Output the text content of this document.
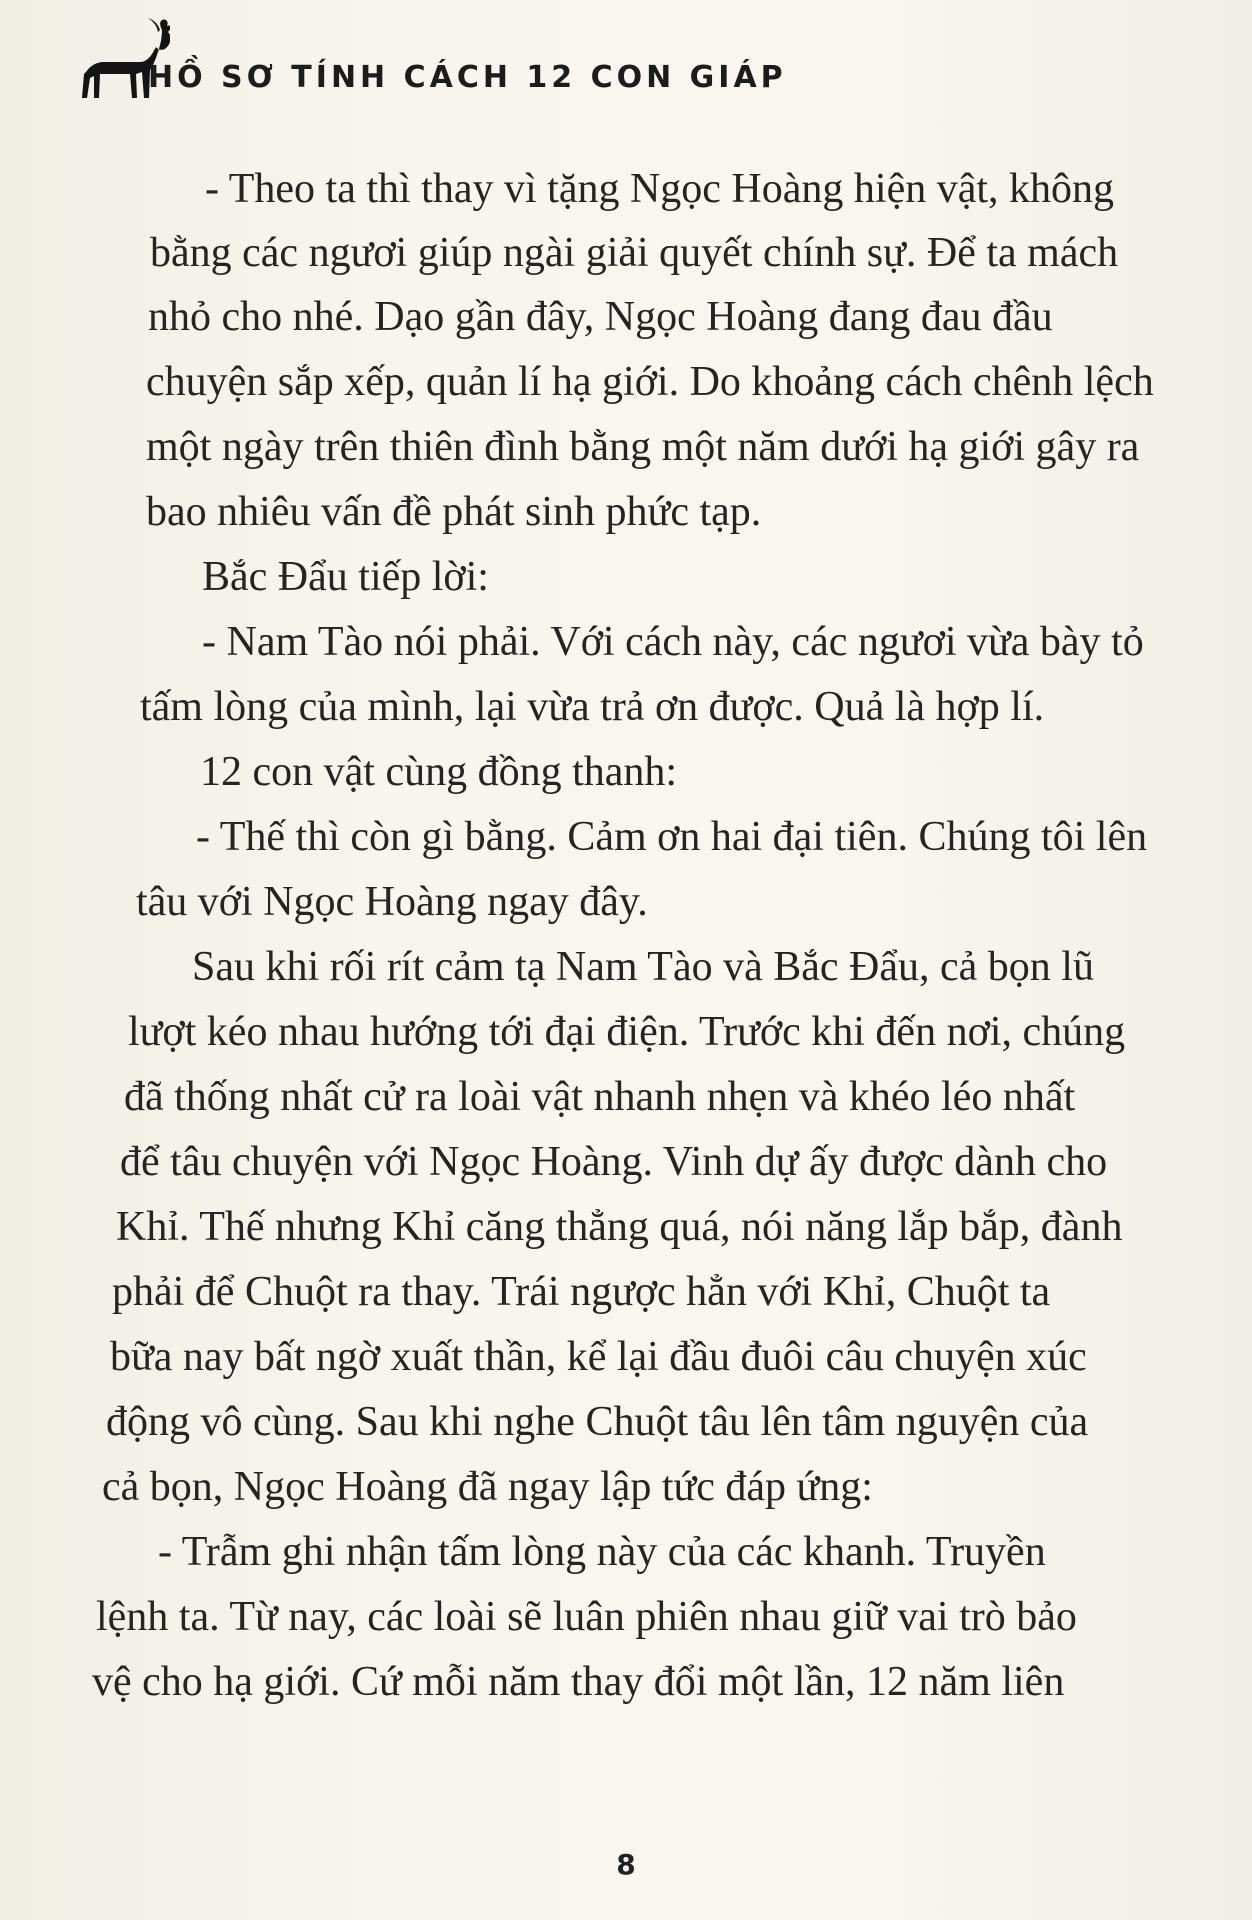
HỒ SƠ TÍNH CÁCH 12 CON GIÁP
- Theo ta thì thay vì tặng Ngọc Hoàng hiện vật, không
bằng các ngươi giúp ngài giải quyết chính sự. Để ta mách
nhỏ cho nhé. Dạo gần đây, Ngọc Hoàng đang đau đầu
chuyện sắp xếp, quản lí hạ giới. Do khoảng cách chênh lệch
một ngày trên thiên đình bằng một năm dưới hạ giới gây ra
bao nhiêu vấn đề phát sinh phức tạp.
Bắc Đẩu tiếp lời:
- Nam Tào nói phải. Với cách này, các ngươi vừa bày tỏ
tấm lòng của mình, lại vừa trả ơn được. Quả là hợp lí.
12 con vật cùng đồng thanh:
- Thế thì còn gì bằng. Cảm ơn hai đại tiên. Chúng tôi lên
tâu với Ngọc Hoàng ngay đây.
Sau khi rối rít cảm tạ Nam Tào và Bắc Đẩu, cả bọn lũ
lượt kéo nhau hướng tới đại điện. Trước khi đến nơi, chúng
đã thống nhất cử ra loài vật nhanh nhẹn và khéo léo nhất
để tâu chuyện với Ngọc Hoàng. Vinh dự ấy được dành cho
Khỉ. Thế nhưng Khỉ căng thẳng quá, nói năng lắp bắp, đành
phải để Chuột ra thay. Trái ngược hẳn với Khỉ, Chuột ta
bữa nay bất ngờ xuất thần, kể lại đầu đuôi câu chuyện xúc
động vô cùng. Sau khi nghe Chuột tâu lên tâm nguyện của
cả bọn, Ngọc Hoàng đã ngay lập tức đáp ứng:
- Trẫm ghi nhận tấm lòng này của các khanh. Truyền
lệnh ta. Từ nay, các loài sẽ luân phiên nhau giữ vai trò bảo
vệ cho hạ giới. Cứ mỗi năm thay đổi một lần, 12 năm liên
8
